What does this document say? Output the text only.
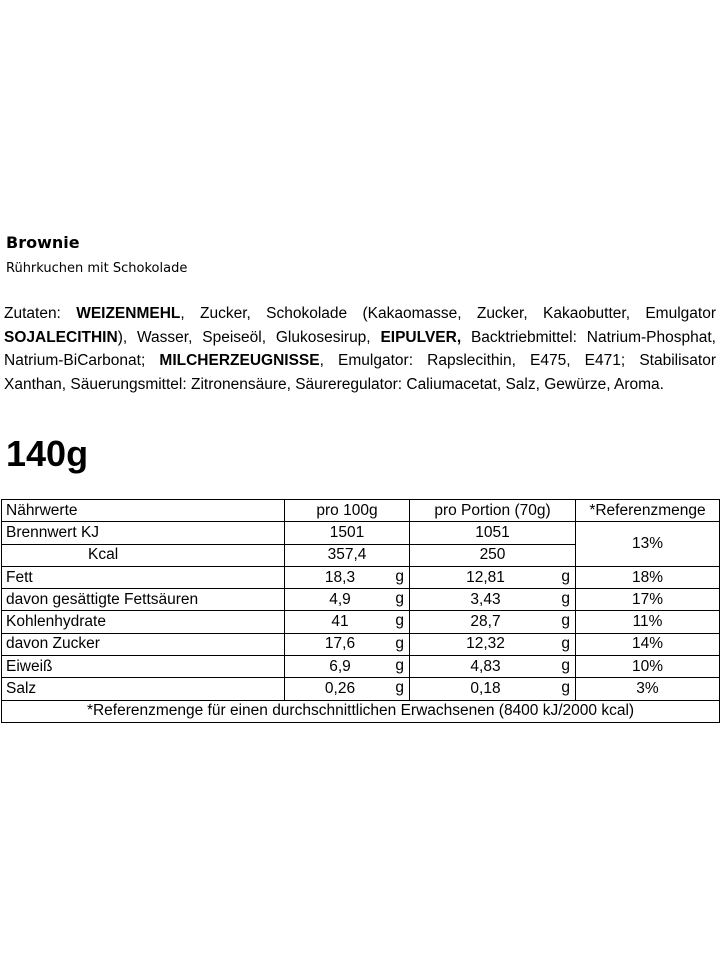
Brownie
Rührkuchen mit Schokolade
Zutaten: WEIZENMEHL, Zucker, Schokolade (Kakaomasse, Zucker, Kakaobutter, Emulgator SOJALECITHIN), Wasser, Speiseöl, Glukosesirup, EIPULVER, Backtriebmittel: Natrium-Phosphat, Natrium-BiCarbonat; MILCHERZEUGNISSE, Emulgator: Rapslecithin, E475, E471; Stabilisator Xanthan, Säuerungsmittel: Zitronensäure, Säureregulator: Caliumacetat, Salz, Gewürze, Aroma.
140g
Nährwerte	pro 100g	pro Portion (70g)	*Referenzmenge
Brennwert KJ	1501	1051	13%
Kcal	357,4	250	
Fett	18,3 g	12,81 g	18%
davon gesättigte Fettsäuren	4,9 g	3,43 g	17%
Kohlenhydrate	41 g	28,7 g	11%
davon Zucker	17,6 g	12,32 g	14%
Eiweiß	6,9 g	4,83 g	10%
Salz	0,26 g	0,18 g	3%
*Referenzmenge für einen durchschnittlichen Erwachsenen (8400 kJ/2000 kcal)			
